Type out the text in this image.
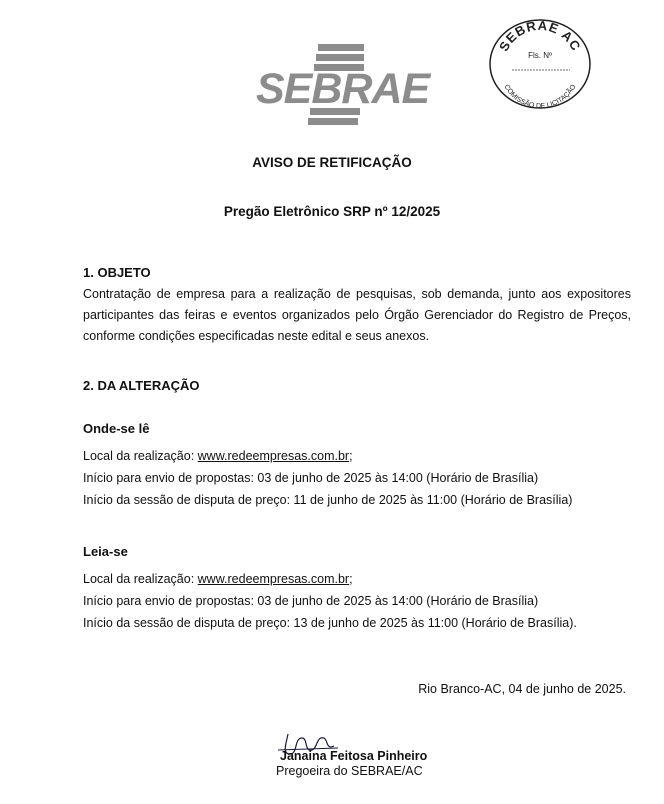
SEBRAE
SEBRAE AC
Fls. Nº
COMISSÃO DE LICITAÇÃO
AVISO DE RETIFICAÇÃO
Pregão Eletrônico SRP nº 12/2025
1. OBJETO
Contratação de empresa para a realização de pesquisas, sob demanda, junto aos expositores participantes das feiras e eventos organizados pelo Órgão Gerenciador do Registro de Preços, conforme condições especificadas neste edital e seus anexos.
2. DA ALTERAÇÃO
Onde-se lê
Local da realização: www.redeempresas.com.br;
Início para envio de propostas: 03 de junho de 2025 às 14:00 (Horário de Brasília)
Início da sessão de disputa de preço: 11 de junho de 2025 às 11:00 (Horário de Brasília)
Leia-se
Local da realização: www.redeempresas.com.br;
Início para envio de propostas: 03 de junho de 2025 às 14:00 (Horário de Brasília)
Início da sessão de disputa de preço: 13 de junho de 2025 às 11:00 (Horário de Brasília).
Rio Branco-AC, 04 de junho de 2025.
Janaina Feitosa Pinheiro
Pregoeira do SEBRAE/AC
